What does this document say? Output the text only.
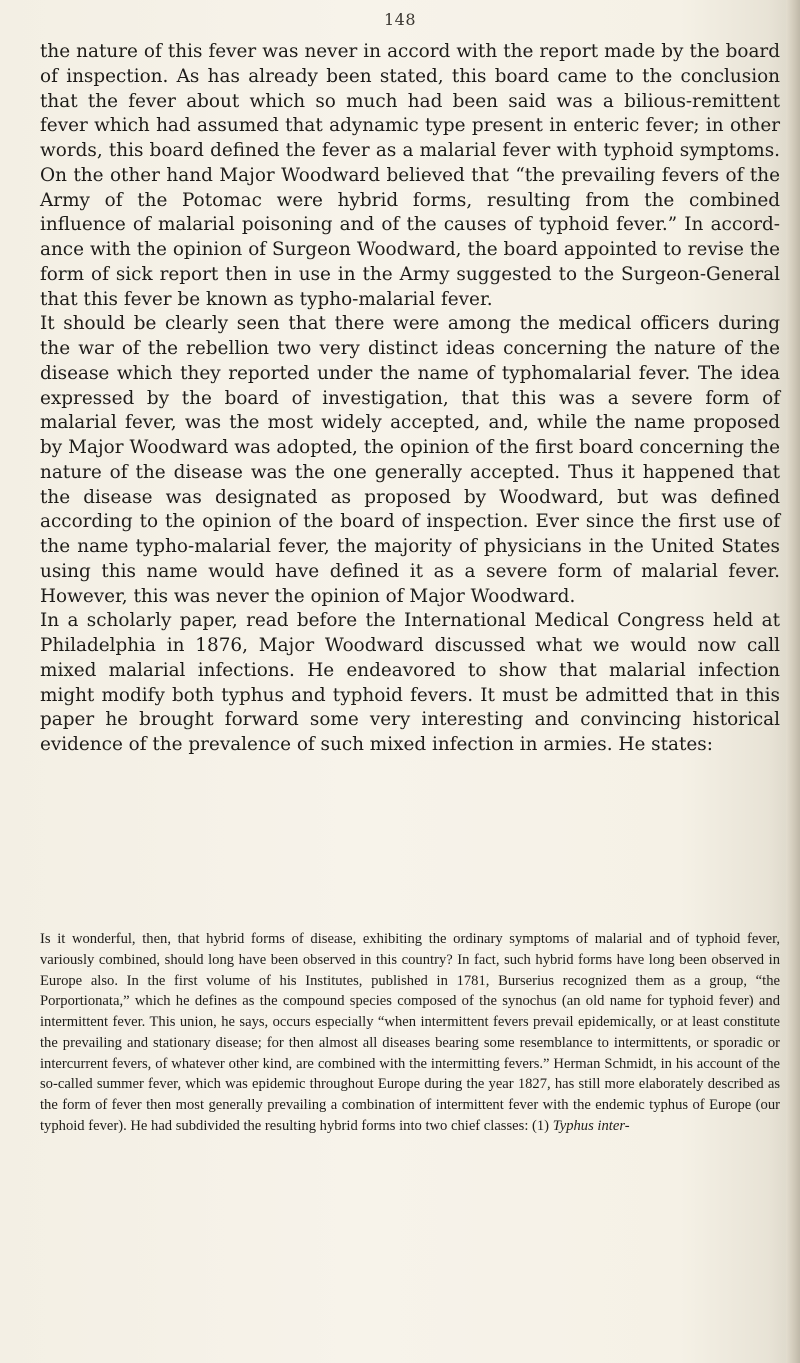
148

the nature of this fever was never in accord with the report made by the board of inspection. As has already been stated, this board came to the conclusion that the fever about which so much had been said was a bilious-remittent fever which had assumed that adynamic type present in enteric fever; in other words, this board defined the fever as a malarial fever with typhoid symptoms. On the other hand Major Woodward believed that “the prevailing fevers of the Army of the Potomac were hybrid forms, resulting from the combined influence of malarial poisoning and of the causes of typhoid fever.” In accordance with the opinion of Surgeon Woodward, the board appointed to revise the form of sick report then in use in the Army suggested to the Surgeon-General that this fever be known as typho-malarial fever.

It should be clearly seen that there were among the medical officers during the war of the rebellion two very distinct ideas concerning the nature of the disease which they reported under the name of typhomalarial fever. The idea expressed by the board of investigation, that this was a severe form of malarial fever, was the most widely accepted, and, while the name proposed by Major Woodward was adopted, the opinion of the first board concerning the nature of the disease was the one generally accepted. Thus it happened that the disease was designated as proposed by Woodward, but was defined according to the opinion of the board of inspection. Ever since the first use of the name typho-malarial fever, the majority of physicians in the United States using this name would have defined it as a severe form of malarial fever. However, this was never the opinion of Major Woodward.

In a scholarly paper, read before the International Medical Congress held at Philadelphia in 1876, Major Woodward discussed what we would now call mixed malarial infections. He endeavored to show that malarial infection might modify both typhus and typhoid fevers. It must be admitted that in this paper he brought forward some very interesting and convincing historical evidence of the prevalence of such mixed infection in armies. He states:

Is it wonderful, then, that hybrid forms of disease, exhibiting the ordinary symptoms of malarial and of typhoid fever, variously combined, should long have been observed in this country? In fact, such hybrid forms have long been observed in Europe also. In the first volume of his Institutes, published in 1781, Burserius recognized them as a group, “the Porportionata,” which he defines as the compound species composed of the synochus (an old name for typhoid fever) and intermittent fever. This union, he says, occurs especially “when intermittent fevers prevail epidemically, or at least constitute the prevailing and stationary disease; for then almost all diseases bearing some resemblance to intermittents, or sporadic or intercurrent fevers, of whatever other kind, are combined with the intermitting fevers.” Herman Schmidt, in his account of the so-called summer fever, which was epidemic throughout Europe during the year 1827, has still more elaborately described as the form of fever then most generally prevailing a combination of intermittent fever with the endemic typhus of Europe (our typhoid fever). He had subdivided the resulting hybrid forms into two chief classes: (1) Typhus inter-
